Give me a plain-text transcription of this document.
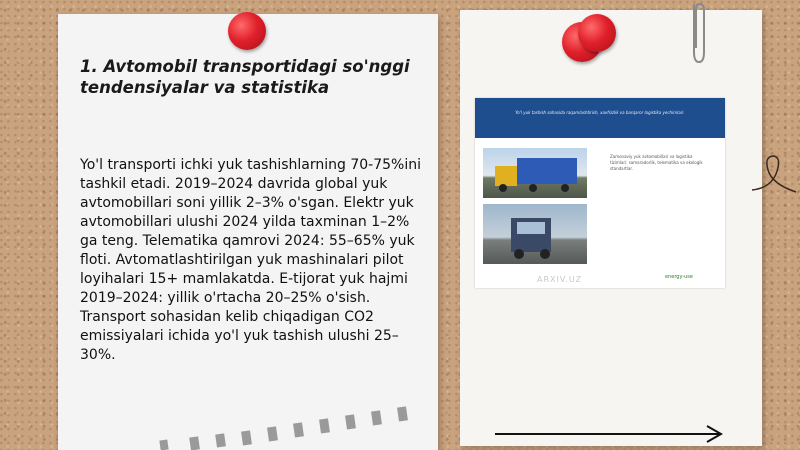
1. Avtomobil transportidagi so'nggi tendensiyalar va statistika
Yo'l transporti ichki yuk tashishlarning 70-75%ini tashkil etadi. 2019–2024 davrida global yuk avtomobillari soni yillik 2–3% o'sgan. Elektr yuk avtomobillari ulushi 2024 yilda taxminan 1–2% ga teng. Telematika qamrovi 2024: 55–65% yuk floti. Avtomatlashtirilgan yuk mashinalari pilot loyihalari 15+ mamlakatda. E-tijorat yuk hajmi 2019–2024: yillik o'rtacha 20–25% o'sish. Transport sohasidan kelib chiqadigan CO2 emissiyalari ichida yo'l yuk tashish ulushi 25–30%.
Yo'l yuk tashish sohasida raqamlashtirish, xavfsizlik va barqaror logistika yechimlari.
Zamonaviy yuk avtomobillari va logistika tizimlari: samaradorlik, telematika va ekologik standartlar.
ARXIV.UZ	energy-use
